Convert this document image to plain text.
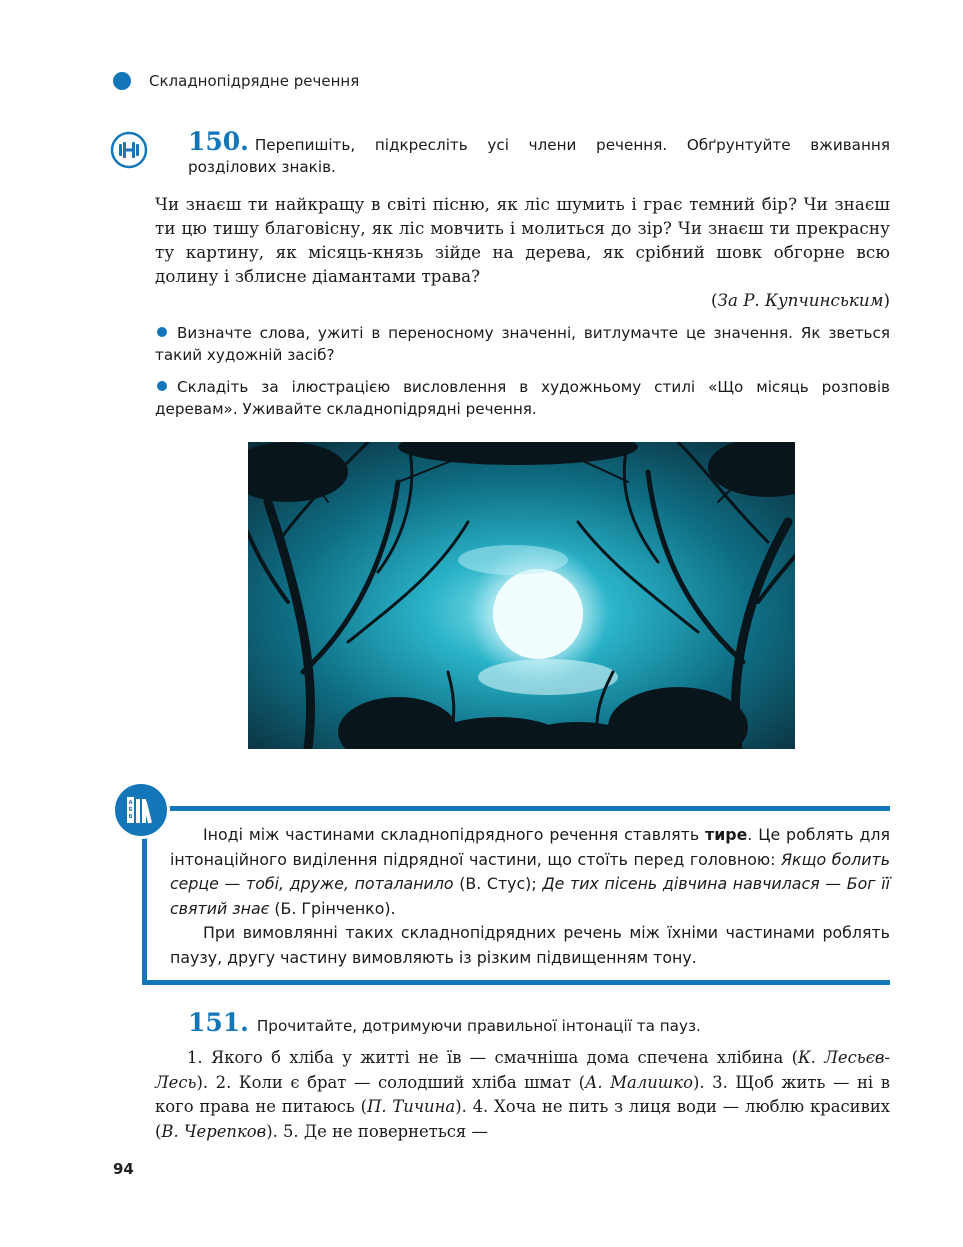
Складнопідрядне речення
150. Перепишіть, підкресліть усі члени речення. Обґрунтуйте вживання розділових знаків.
Чи знаєш ти найкращу в світі пісню, як ліс шумить і грає темний бір? Чи знаєш ти цю тишу благовісну, як ліс мовчить і молиться до зір? Чи знаєш ти прекрасну ту картину, як місяць-князь зійде на дерева, як срібний шовк обгорне всю долину і зблисне діамантами трава?
(За Р. Купчинським)
Визначте слова, ужиті в переносному значенні, витлумачте це значення. Як зветься такий художній засіб?
Складіть за ілюстрацією висловлення в художньому стилі «Що місяць розповів деревам». Уживайте складнопідрядні речення.
А
Б
В

Іноді між частинами складнопідрядного речення ставлять тире. Це роблять для інтонаційного виділення підрядної частини, що стоїть перед головною: Якщо болить серце — тобі, друже, поталанило (В. Стус); Де тих пісень дівчина навчилася — Бог її святий знає (Б. Грінченко).

При вимовлянні таких складнопідрядних речень між їхніми частинами роблять паузу, другу частину вимовляють із різким підвищенням тону.

151. Прочитайте, дотримуючи правильної інтонації та пауз.

1. Якого б хліба у житті не їв — смачніша дома спечена хлібина (К. Лесьєв-Лесь). 2. Коли є брат — солодший хліба шмат (А. Малишко). 3. Щоб жить — ні в кого права не питаюсь (П. Тичина). 4. Хоча не пить з лиця води — люблю красивих (В. Черепков). 5. Де не повернеться —

94
